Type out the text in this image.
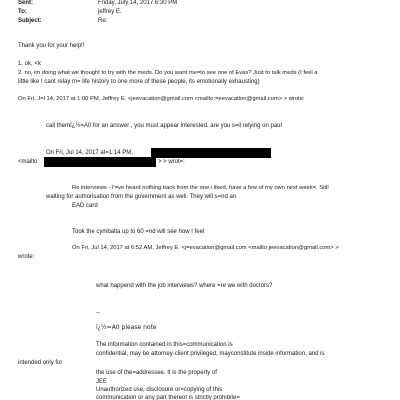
Sent:	Friday, July 14, 2017 6:30 PM
To:	jeffrey E.
Subject:	Re:
Thank you for your help!!
1. ok, <k
2. no, im doing what we thought to try with the meds. Do you want me=to see one of Evas? Just to talk meds (I feel a
little like I cant relay m= life history to one more of these people, its emotionally exhausting)
On Fri, J=l 14, 2017 at 1:00 PM, Jeffrey E. <jeevacation@gmail.com <mailto:=eevacation@gmail.com> > wrote:
call themï¿½=A0 for an answer , you must appear interested. are you s=il relying on paul
On Fri, Jul 14, 2017 at=1:14 PM,
<mailto	> > wrot=:
Re interviews - I'=ve heard nothing back from the one i liked, have a few of my own next week=. Still
waiting for authorisation from the government as well. They will s=nd an
EAD card
Took the cymbalta up to 60 =nd will see how I feel
On Fri, Jul 14, 2017 at 6:52 AM, Jeffrey E. <j=evacation@gmail.com <mailto:jeevacation@gmail.com> >
wrote:
what happend with the job interviews? where =re we with doctors?
--
ï¿½=A0 please note
The information contained in this=communication is
confidential, may be attorney-client privileged, mayconstitute inside information, and is
intended only for
the use of the=addressee. It is the property of
JEE
Unauthorized use, disclosure or=copying of this
communication or any part thereof is strictly prohibite=
